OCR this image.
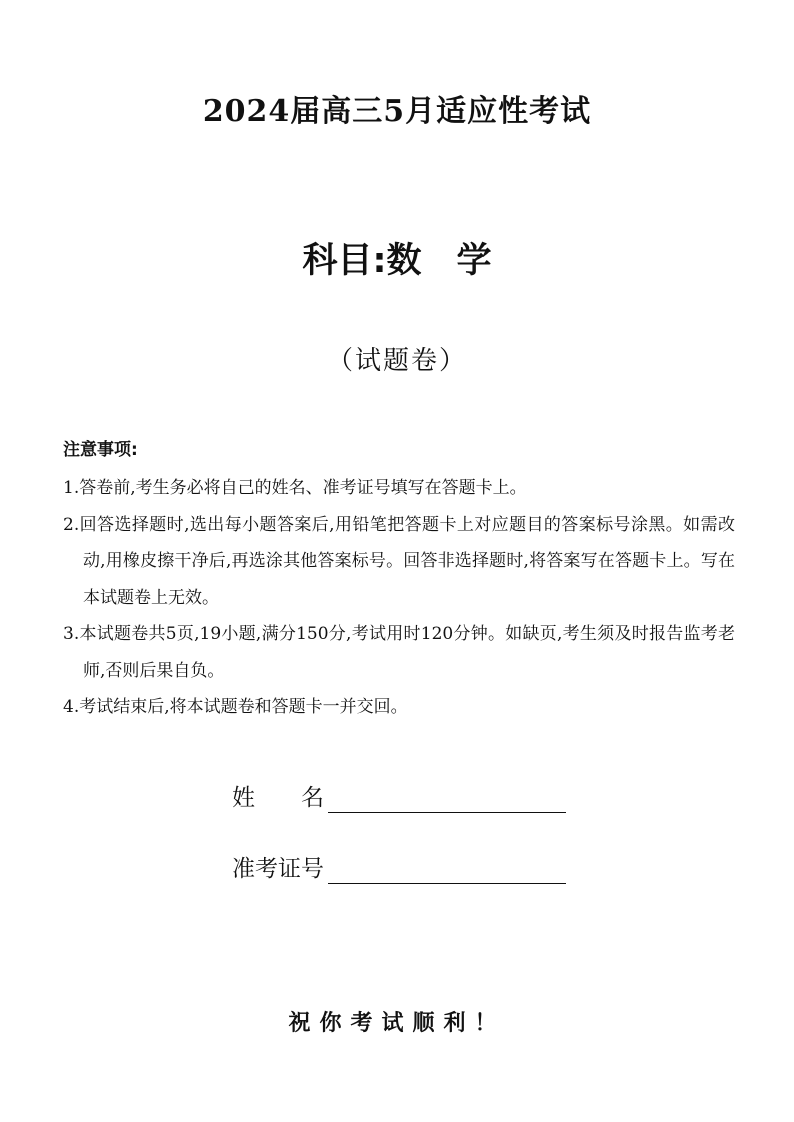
2024届高三5月适应性考试
科目:数　学
（试题卷）
注意事项:
1.答卷前,考生务必将自己的姓名、准考证号填写在答题卡上。
2.回答选择题时,选出每小题答案后,用铅笔把答题卡上对应题目的答案标号涂黑。如需改动,用橡皮擦干净后,再选涂其他答案标号。回答非选择题时,将答案写在答题卡上。写在本试题卷上无效。
3.本试题卷共5页,19小题,满分150分,考试用时120分钟。如缺页,考生须及时报告监考老师,否则后果自负。
4.考试结束后,将本试题卷和答题卡一并交回。
姓　　名
准考证号
祝你考试顺利！
